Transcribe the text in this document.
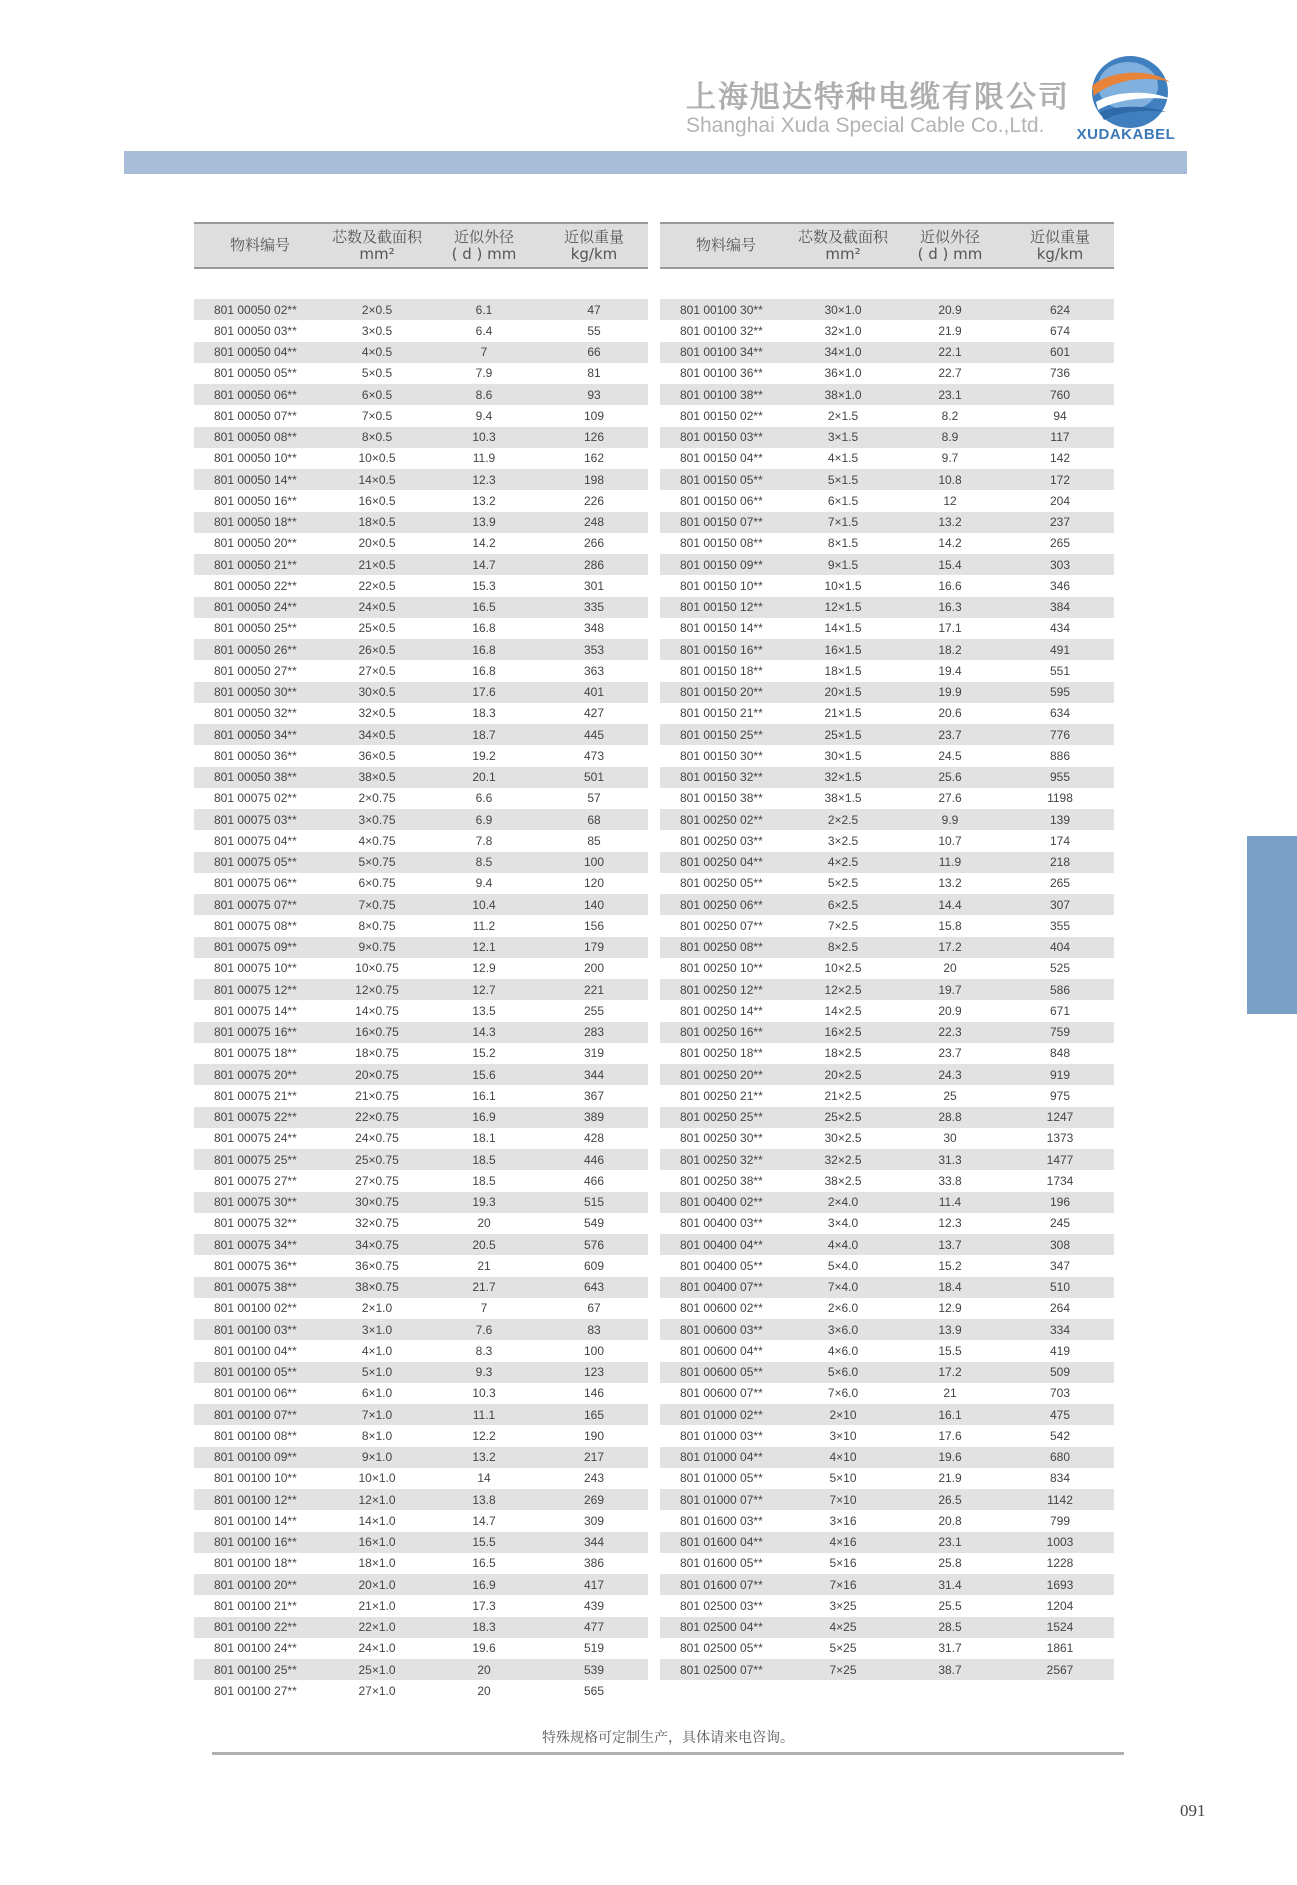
上海旭达特种电缆有限公司
Shanghai Xuda Special Cable Co.,Ltd.	XUDAKABEL
物料编号	芯数及截面积
mm²
近似外径
( d ) mm
近似重量
kg/km
801 00050 02**	2×0.5	6.1	47
801 00050 03**	3×0.5	6.4	55
801 00050 04**	4×0.5	7	66
801 00050 05**	5×0.5	7.9	81
801 00050 06**	6×0.5	8.6	93
801 00050 07**	7×0.5	9.4	109
801 00050 08**	8×0.5	10.3	126
801 00050 10**	10×0.5	11.9	162
801 00050 14**	14×0.5	12.3	198
801 00050 16**	16×0.5	13.2	226
801 00050 18**	18×0.5	13.9	248
801 00050 20**	20×0.5	14.2	266
801 00050 21**	21×0.5	14.7	286
801 00050 22**	22×0.5	15.3	301
801 00050 24**	24×0.5	16.5	335
801 00050 25**	25×0.5	16.8	348
801 00050 26**	26×0.5	16.8	353
801 00050 27**	27×0.5	16.8	363
801 00050 30**	30×0.5	17.6	401
801 00050 32**	32×0.5	18.3	427
801 00050 34**	34×0.5	18.7	445
801 00050 36**	36×0.5	19.2	473
801 00050 38**	38×0.5	20.1	501
801 00075 02**	2×0.75	6.6	57
801 00075 03**	3×0.75	6.9	68
801 00075 04**	4×0.75	7.8	85
801 00075 05**	5×0.75	8.5	100
801 00075 06**	6×0.75	9.4	120
801 00075 07**	7×0.75	10.4	140
801 00075 08**	8×0.75	11.2	156
801 00075 09**	9×0.75	12.1	179
801 00075 10**	10×0.75	12.9	200
801 00075 12**	12×0.75	12.7	221
801 00075 14**	14×0.75	13.5	255
801 00075 16**	16×0.75	14.3	283
801 00075 18**	18×0.75	15.2	319
801 00075 20**	20×0.75	15.6	344
801 00075 21**	21×0.75	16.1	367
801 00075 22**	22×0.75	16.9	389
801 00075 24**	24×0.75	18.1	428
801 00075 25**	25×0.75	18.5	446
801 00075 27**	27×0.75	18.5	466
801 00075 30**	30×0.75	19.3	515
801 00075 32**	32×0.75	20	549
801 00075 34**	34×0.75	20.5	576
801 00075 36**	36×0.75	21	609
801 00075 38**	38×0.75	21.7	643
801 00100 02**	2×1.0	7	67
801 00100 03**	3×1.0	7.6	83
801 00100 04**	4×1.0	8.3	100
801 00100 05**	5×1.0	9.3	123
801 00100 06**	6×1.0	10.3	146
801 00100 07**	7×1.0	11.1	165
801 00100 08**	8×1.0	12.2	190
801 00100 09**	9×1.0	13.2	217
801 00100 10**	10×1.0	14	243
801 00100 12**	12×1.0	13.8	269
801 00100 14**	14×1.0	14.7	309
801 00100 16**	16×1.0	15.5	344
801 00100 18**	18×1.0	16.5	386
801 00100 20**	20×1.0	16.9	417
801 00100 21**	21×1.0	17.3	439
801 00100 22**	22×1.0	18.3	477
801 00100 24**	24×1.0	19.6	519
801 00100 25**	25×1.0	20	539
801 00100 27**	27×1.0	20	565
物料编号	芯数及截面积
mm²
近似外径
( d ) mm
近似重量
kg/km
801 00100 30**	30×1.0	20.9	624
801 00100 32**	32×1.0	21.9	674
801 00100 34**	34×1.0	22.1	601
801 00100 36**	36×1.0	22.7	736
801 00100 38**	38×1.0	23.1	760
801 00150 02**	2×1.5	8.2	94
801 00150 03**	3×1.5	8.9	117
801 00150 04**	4×1.5	9.7	142
801 00150 05**	5×1.5	10.8	172
801 00150 06**	6×1.5	12	204
801 00150 07**	7×1.5	13.2	237
801 00150 08**	8×1.5	14.2	265
801 00150 09**	9×1.5	15.4	303
801 00150 10**	10×1.5	16.6	346
801 00150 12**	12×1.5	16.3	384
801 00150 14**	14×1.5	17.1	434
801 00150 16**	16×1.5	18.2	491
801 00150 18**	18×1.5	19.4	551
801 00150 20**	20×1.5	19.9	595
801 00150 21**	21×1.5	20.6	634
801 00150 25**	25×1.5	23.7	776
801 00150 30**	30×1.5	24.5	886
801 00150 32**	32×1.5	25.6	955
801 00150 38**	38×1.5	27.6	1198
801 00250 02**	2×2.5	9.9	139
801 00250 03**	3×2.5	10.7	174
801 00250 04**	4×2.5	11.9	218
801 00250 05**	5×2.5	13.2	265
801 00250 06**	6×2.5	14.4	307
801 00250 07**	7×2.5	15.8	355
801 00250 08**	8×2.5	17.2	404
801 00250 10**	10×2.5	20	525
801 00250 12**	12×2.5	19.7	586
801 00250 14**	14×2.5	20.9	671
801 00250 16**	16×2.5	22.3	759
801 00250 18**	18×2.5	23.7	848
801 00250 20**	20×2.5	24.3	919
801 00250 21**	21×2.5	25	975
801 00250 25**	25×2.5	28.8	1247
801 00250 30**	30×2.5	30	1373
801 00250 32**	32×2.5	31.3	1477
801 00250 38**	38×2.5	33.8	1734
801 00400 02**	2×4.0	11.4	196
801 00400 03**	3×4.0	12.3	245
801 00400 04**	4×4.0	13.7	308
801 00400 05**	5×4.0	15.2	347
801 00400 07**	7×4.0	18.4	510
801 00600 02**	2×6.0	12.9	264
801 00600 03**	3×6.0	13.9	334
801 00600 04**	4×6.0	15.5	419
801 00600 05**	5×6.0	17.2	509
801 00600 07**	7×6.0	21	703
801 01000 02**	2×10	16.1	475
801 01000 03**	3×10	17.6	542
801 01000 04**	4×10	19.6	680
801 01000 05**	5×10	21.9	834
801 01000 07**	7×10	26.5	1142
801 01600 03**	3×16	20.8	799
801 01600 04**	4×16	23.1	1003
801 01600 05**	5×16	25.8	1228
801 01600 07**	7×16	31.4	1693
801 02500 03**	3×25	25.5	1204
801 02500 04**	4×25	28.5	1524
801 02500 05**	5×25	31.7	1861
801 02500 07**	7×25	38.7	2567
特殊规格可定制生产，具体请来电咨询。
091
